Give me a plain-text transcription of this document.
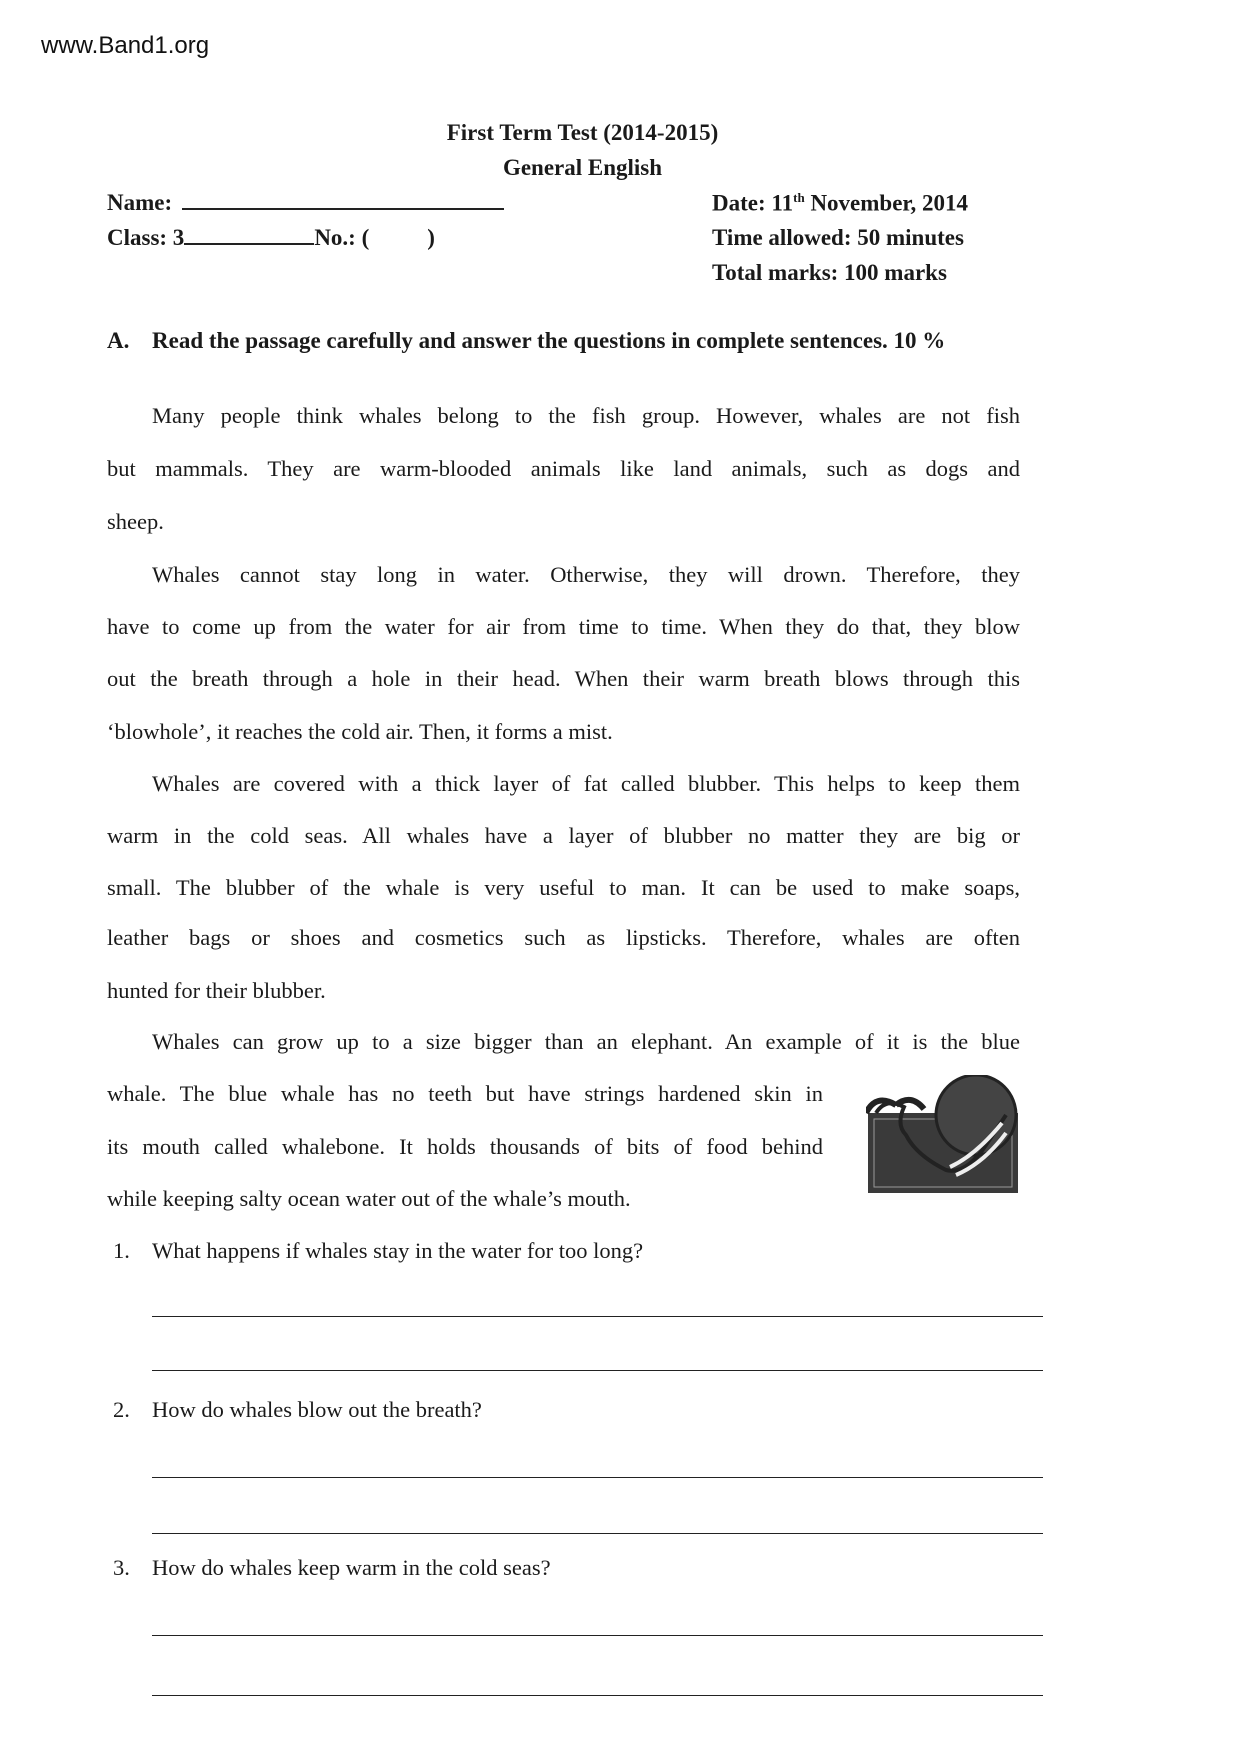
www.Band1.org
First Term Test (2014-2015)
General English
Name:
Class: 3	No.: (	)
Date: 11th November, 2014
Time allowed: 50 minutes
Total marks: 100 marks
A. Read the passage carefully and answer the questions in complete sentences. 10 %
Many people think whales belong to the fish group. However, whales are not fish
but mammals. They are warm-blooded animals like land animals, such as dogs and
sheep.
Whales cannot stay long in water. Otherwise, they will drown. Therefore, they
have to come up from the water for air from time to time. When they do that, they blow
out the breath through a hole in their head. When their warm breath blows through this
‘blowhole’, it reaches the cold air. Then, it forms a mist.
Whales are covered with a thick layer of fat called blubber. This helps to keep them
warm in the cold seas. All whales have a layer of blubber no matter they are big or
small. The blubber of the whale is very useful to man. It can be used to make soaps,
leather bags or shoes and cosmetics such as lipsticks. Therefore, whales are often
hunted for their blubber.
Whales can grow up to a size bigger than an elephant. An example of it is the blue
whale. The blue whale has no teeth but have strings hardened skin in
its mouth called whalebone. It holds thousands of bits of food behind
while keeping salty ocean water out of the whale’s mouth.
1. What happens if whales stay in the water for too long?
2. How do whales blow out the breath?
3. How do whales keep warm in the cold seas?
